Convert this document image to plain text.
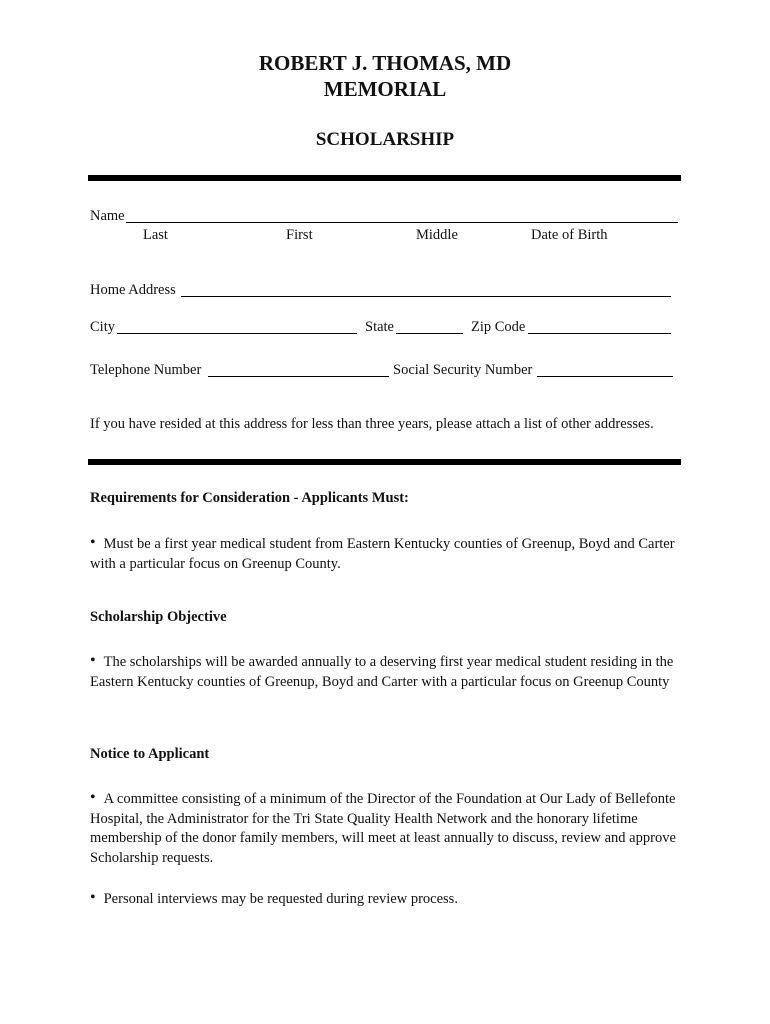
ROBERT J. THOMAS, MD
MEMORIAL
SCHOLARSHIP
Name
Last	First	Middle	Date of Birth
Home Address
City	State	Zip Code
Telephone Number	Social Security Number
If you have resided at this address for less than three years, please attach a list of other addresses.
Requirements for Consideration - Applicants Must:
• Must be a first year medical student from Eastern Kentucky counties of Greenup, Boyd and Carter with a particular focus on Greenup County.
Scholarship Objective
• The scholarships will be awarded annually to a deserving first year medical student residing in the Eastern Kentucky counties of Greenup, Boyd and Carter with a particular focus on Greenup County
Notice to Applicant
• A committee consisting of a minimum of the Director of the Foundation at Our Lady of Bellefonte Hospital, the Administrator for the Tri State Quality Health Network and the honorary lifetime membership of the donor family members, will meet at least annually to discuss, review and approve Scholarship requests.
• Personal interviews may be requested during review process.
